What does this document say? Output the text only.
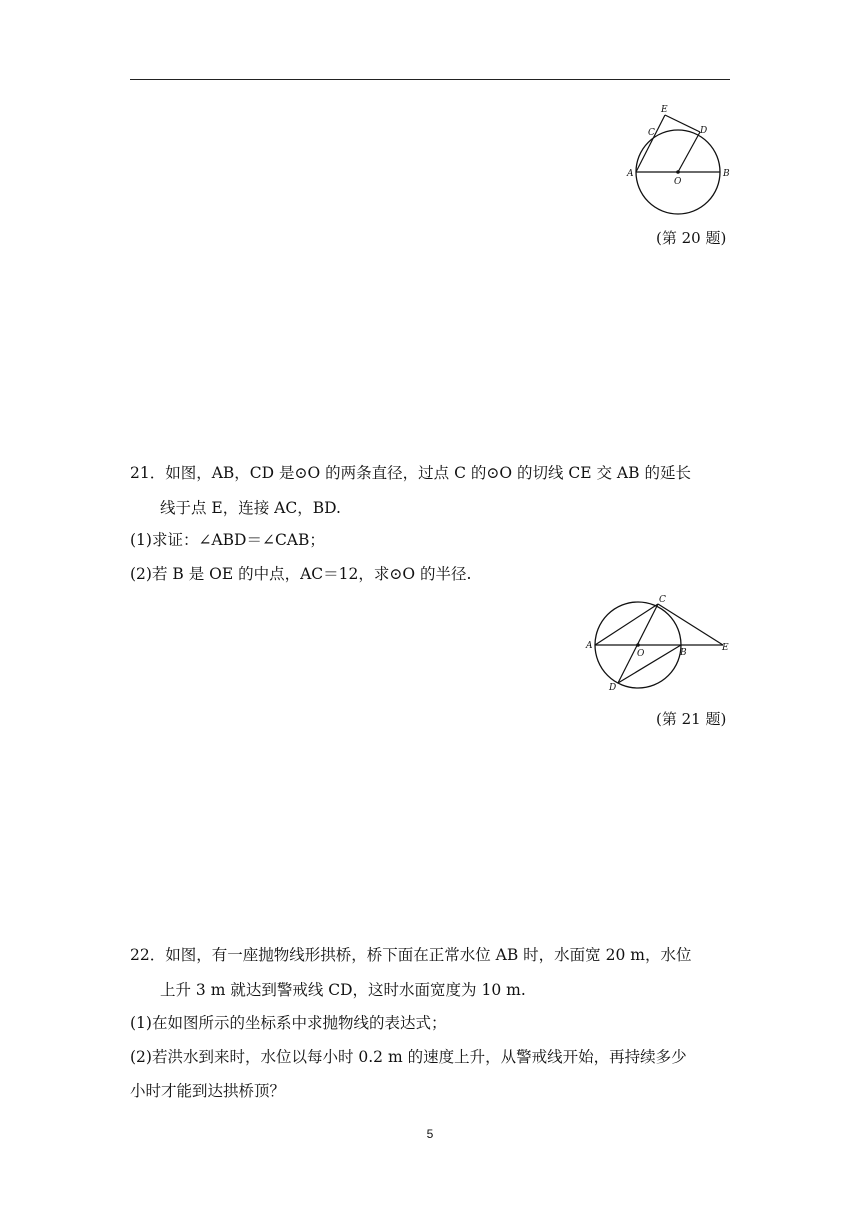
E
C	D
A
O
B
(第 20 题)
21．如图，AB，CD 是⊙O 的两条直径，过点 C 的⊙O 的切线 CE 交 AB 的延长
线于点 E，连接 AC，BD.
(1)求证：∠ABD＝∠CAB；
(2)若 B 是 OE 的中点，AC＝12，求⊙O 的半径.
C
A
O	B	E
D
(第 21 题)
22．如图，有一座抛物线形拱桥，桥下面在正常水位 AB 时，水面宽 20 m，水位
上升 3 m 就达到警戒线 CD，这时水面宽度为 10 m.
(1)在如图所示的坐标系中求抛物线的表达式；
(2)若洪水到来时，水位以每小时 0.2 m 的速度上升，从警戒线开始，再持续多少
小时才能到达拱桥顶？
5
